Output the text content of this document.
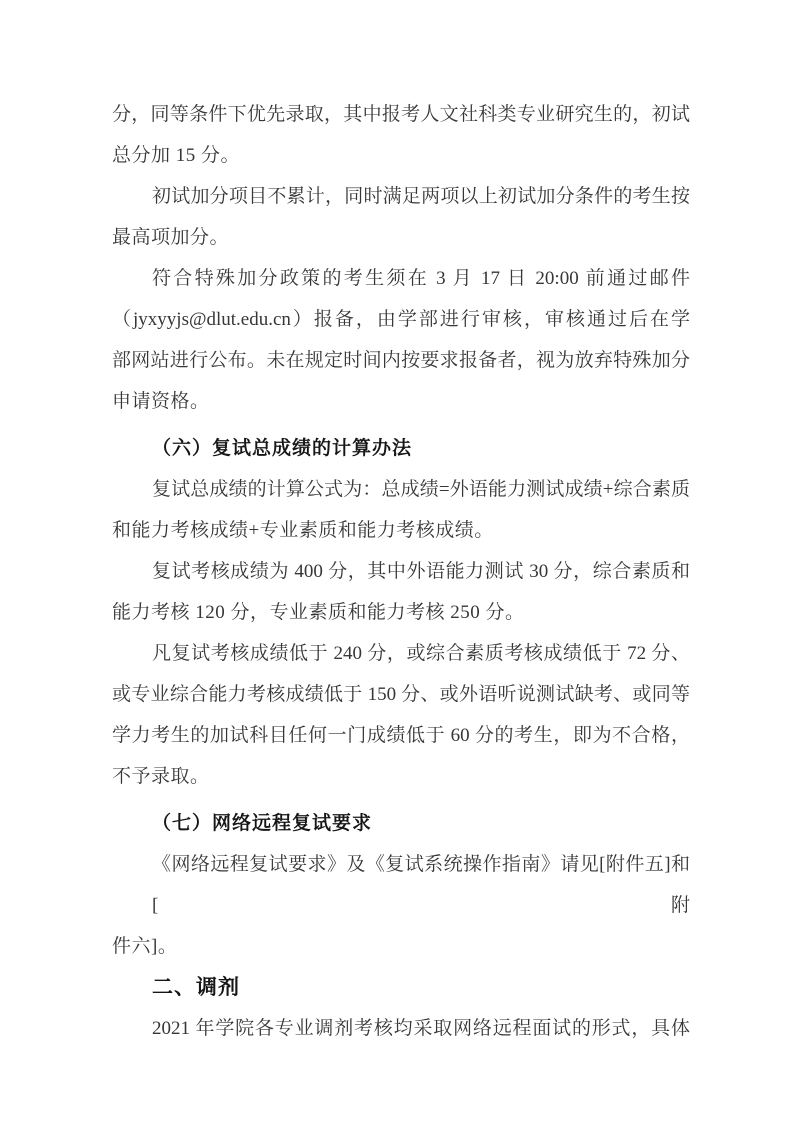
分，同等条件下优先录取，其中报考人文社科类专业研究生的，初试
总分加 15 分。
初试加分项目不累计，同时满足两项以上初试加分条件的考生按
最高项加分。
符合特殊加分政策的考生须在 3 月 17 日 20:00 前通过邮件
（jyxyyjs@dlut.edu.cn）报备，由学部进行审核，审核通过后在学
部网站进行公布。未在规定时间内按要求报备者，视为放弃特殊加分
申请资格。
（六）复试总成绩的计算办法
复试总成绩的计算公式为：总成绩=外语能力测试成绩+综合素质
和能力考核成绩+专业素质和能力考核成绩。
复试考核成绩为 400 分，其中外语能力测试 30 分，综合素质和
能力考核 120 分，专业素质和能力考核 250 分。
凡复试考核成绩低于 240 分，或综合素质考核成绩低于 72 分、
或专业综合能力考核成绩低于 150 分、或外语听说测试缺考、或同等
学力考生的加试科目任何一门成绩低于 60 分的考生，即为不合格，
不予录取。
（七）网络远程复试要求
《网络远程复试要求》及《复试系统操作指南》请见[附件五]和[附
件六]。
二、调剂
2021 年学院各专业调剂考核均采取网络远程面试的形式，具体
